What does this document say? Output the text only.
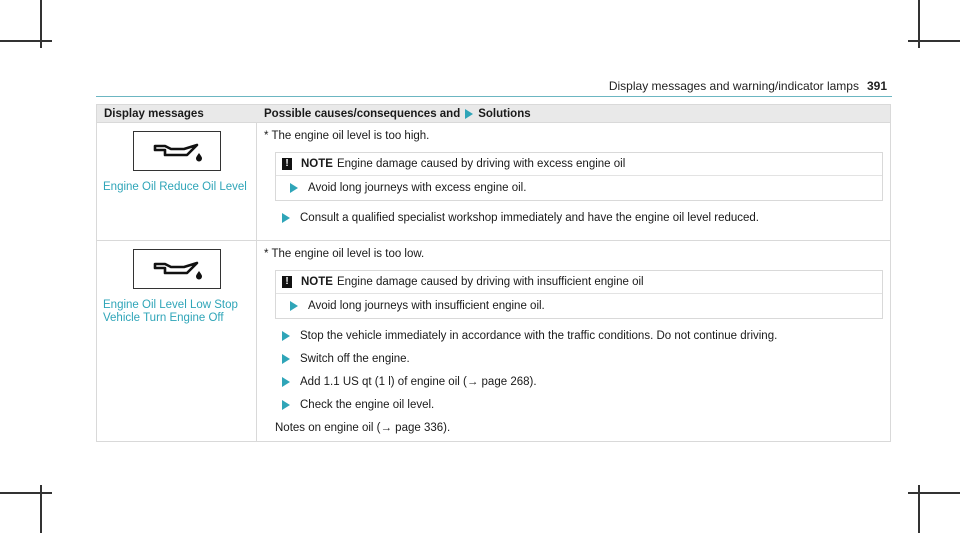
Display messages and warning/indicator lamps 391
Display messages	Possible causes/consequences and Solutions
Engine Oil Reduce Oil Level
* The engine oil level is too high.
! NOTE Engine damage caused by driving with excess engine oil
Avoid long journeys with excess engine oil.
Consult a qualified specialist workshop immediately and have the engine oil level reduced.
Engine Oil Level Low Stop
Vehicle Turn Engine Off
* The engine oil level is too low.
! NOTE Engine damage caused by driving with insufficient engine oil
Avoid long journeys with insufficient engine oil.
Stop the vehicle immediately in accordance with the traffic conditions. Do not continue driving.
Switch off the engine.
Add 1.1 US qt (1 l) of engine oil (→ page 268).
Check the engine oil level.
Notes on engine oil (→ page 336).
